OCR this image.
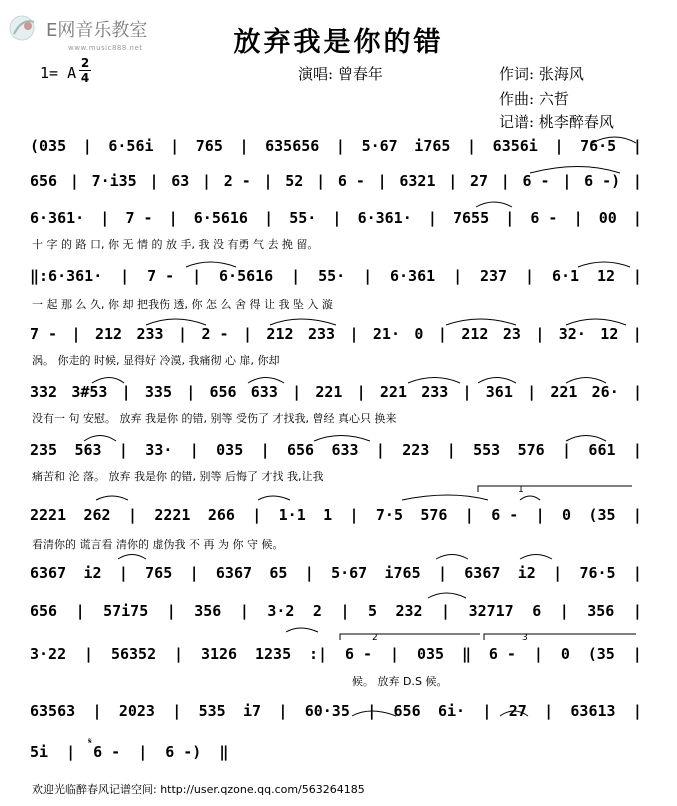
E网音乐教室
www.music888.net	放弃我是你的错
1= A
2
4	演唱: 曾春年	作词: 张海风
作曲: 六哲
记谱: 桃李醉春风
(035 | 6·56i | 765 | 635656 | 5·67 i765 | 6356i | 76·5 |
656 | 7·i35 | 63 | 2 - | 52 | 6 - | 6321 | 27 | 6 - | 6 -) |
6·361· | 7 - | 6·5616 | 55· | 6·361· | 7655 | 6 - | 00 |
‖:6·361· | 7 - | 6·5616 | 55· | 6·361 | 237 | 6·1 12 |
7 - | 212 233 | 2 - | 212 233 | 21· 0 | 212 23 | 32· 12 |
332 3#53 | 335 | 656 633 | 221 | 221 233 | 361 | 221 26· |
235 563 | 33· | 035 | 656 633 | 223 | 553 576 | 661 |
2221 262 | 2221 266 | 1·1 1 | 7·5 576 | 6 - | 0 (35 |
6367 i2 | 765 | 6367 65 | 5·67 i765 | 6367 i2 | 76·5 |
656 | 57i75 | 356 | 3·2 2 | 5 232 | 32717 6 | 356 |
3·22 | 56352 | 3126 1235 :| 6 - | 035 ‖ 6 - | 0 (35 |
63563 | 2023 | 535 i7 | 60·35 | 656 6i· | 27 | 63613 |
5i | 6 - | 6 -) ‖
十 字 的 路 口, 你 无 情 的 放 手, 我 没 有勇 气 去 挽 留。
一 起 那 么 久, 你 却 把我伤 透, 你 怎 么 舍 得 让 我 坠 入 漩
涡。 你走的 时候, 显得好 冷漠, 我痛彻 心 扉, 你却
没有一 句 安慰。 放弃 我是你 的错, 别等 受伤了 才找我, 曾经 真心只 换来
痛苦和 沦 落。 放弃 我是你 的错, 别等 后悔了 才找 我,让我
看清你的 谎言看 清你的 虚伪我 不 再 为 你 守 候。
候。 放弃 D.S 候。
1
2	3
𝄋
欢迎光临醉春风记谱空间: http://user.qzone.qq.com/563264185
